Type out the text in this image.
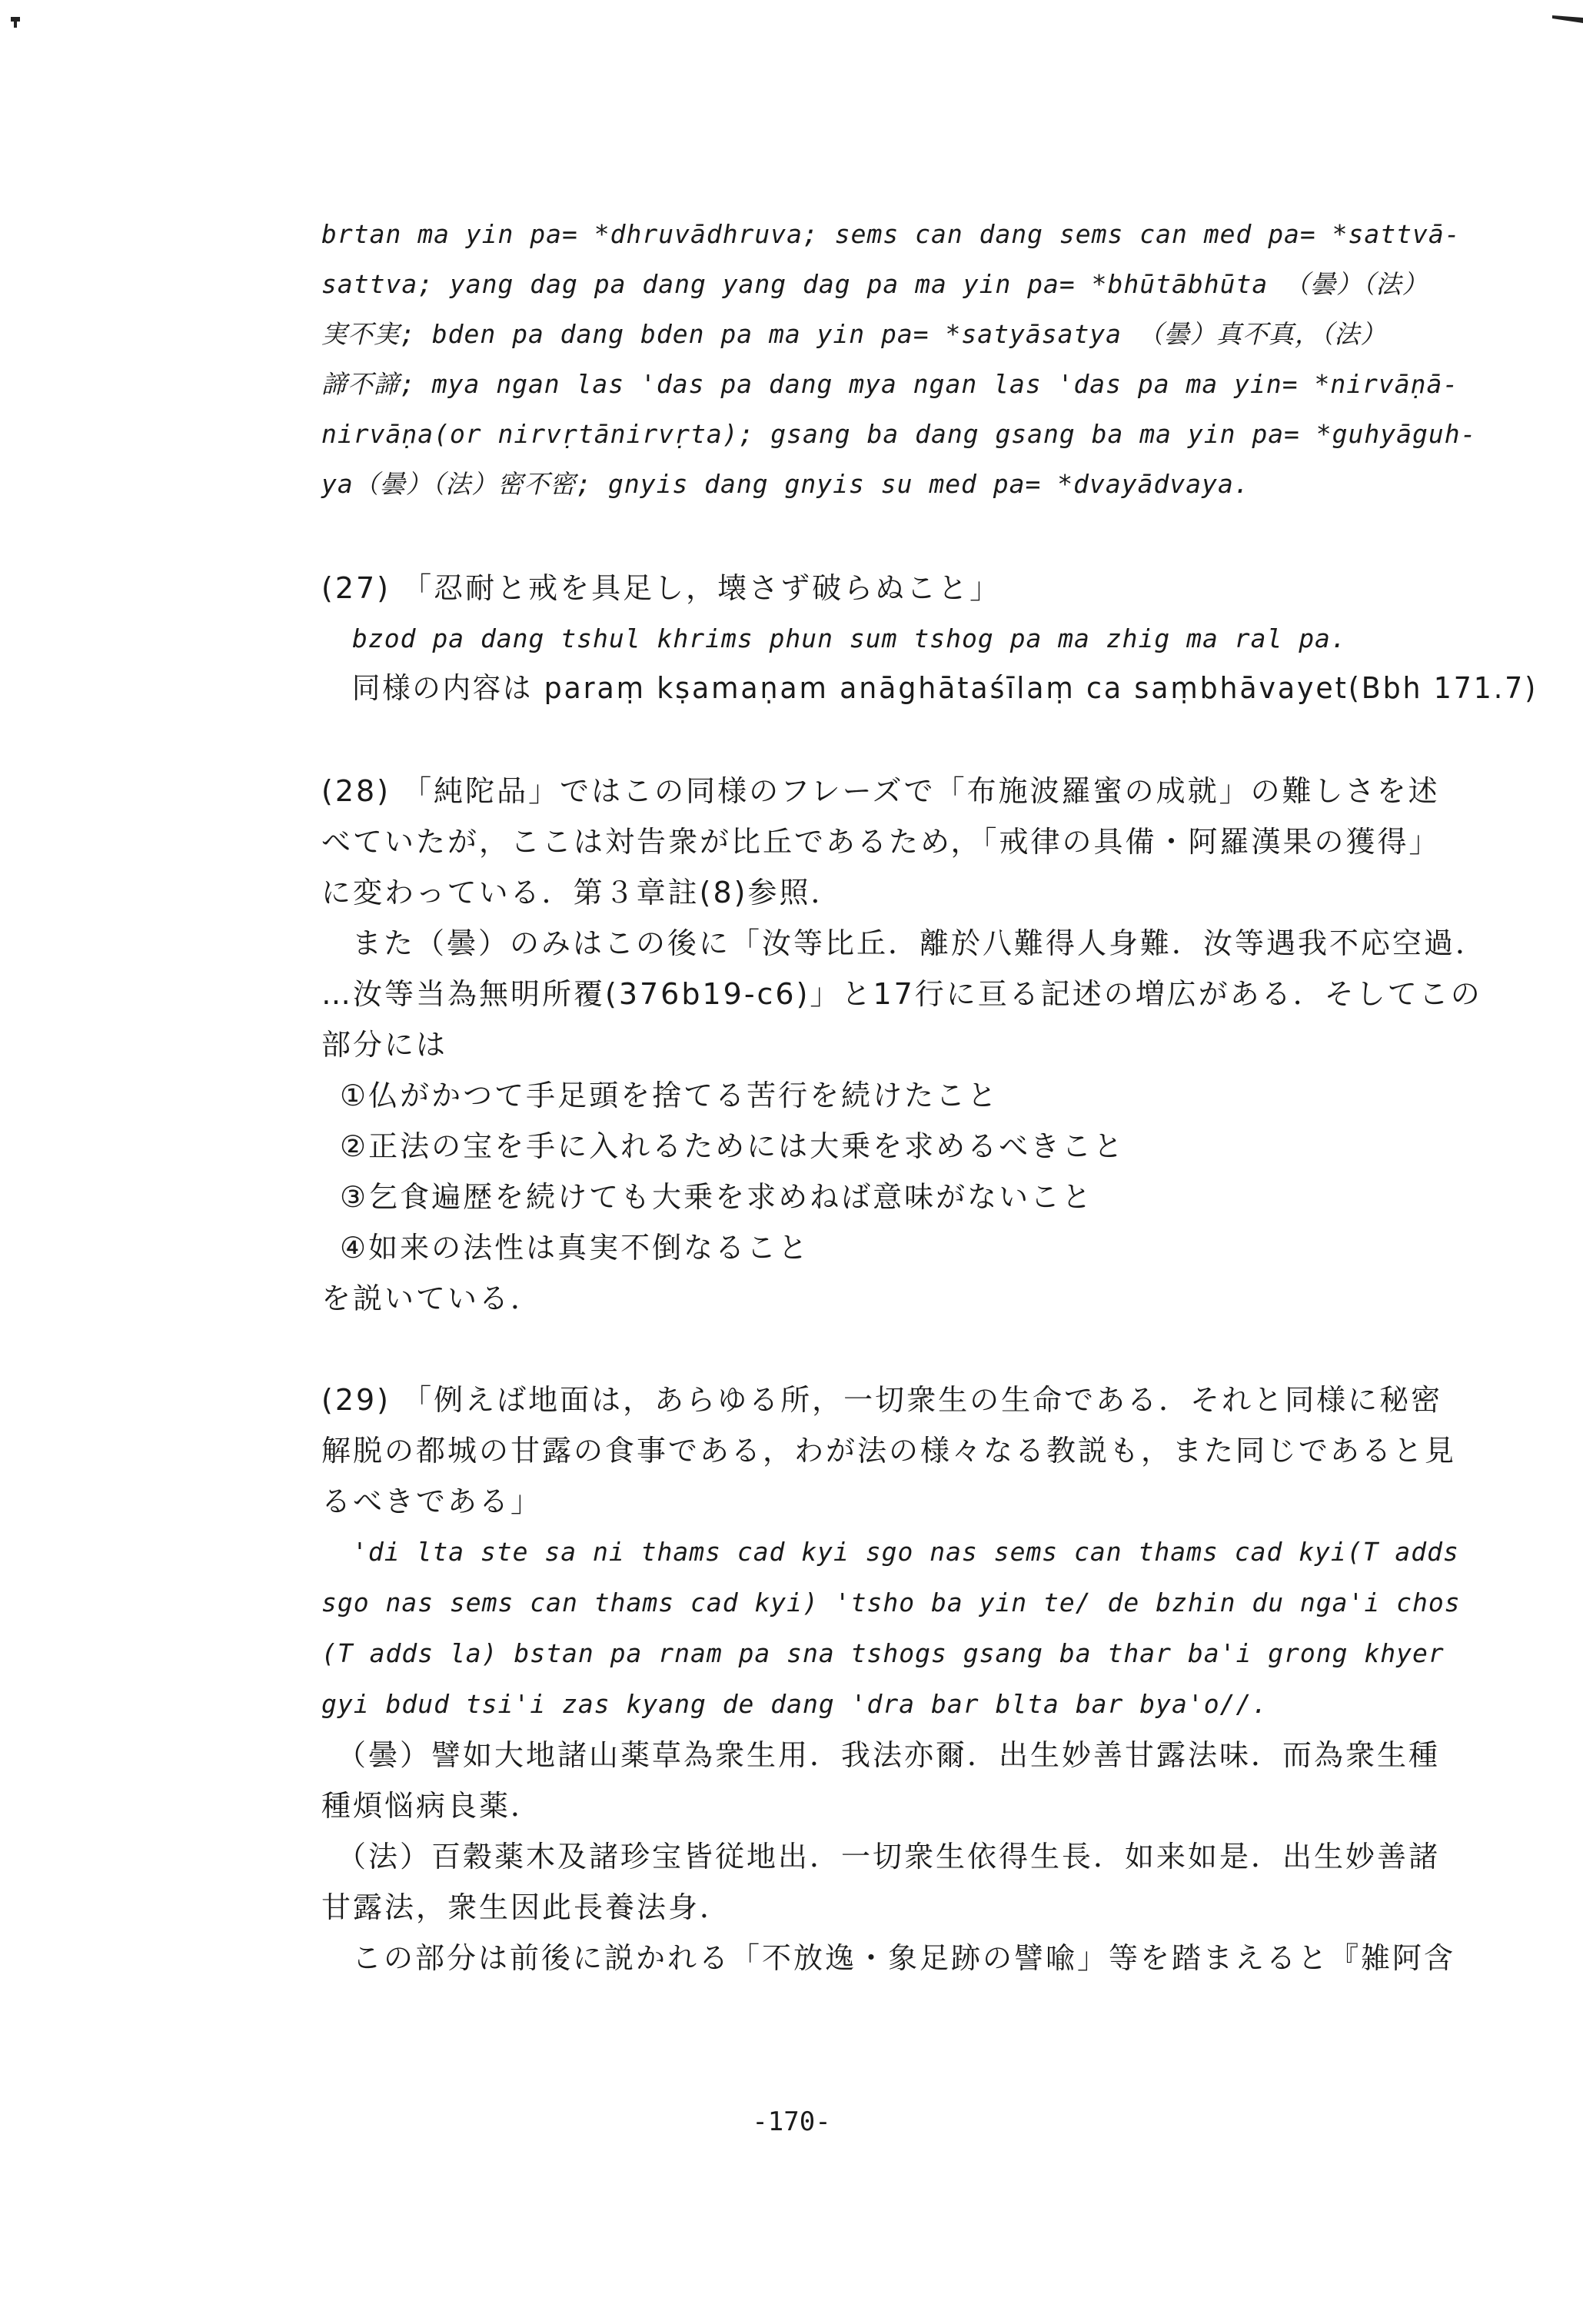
brtan ma yin pa= *dhruvādhruva; sems can dang sems can med pa= *sattvā-
sattva; yang dag pa dang yang dag pa ma yin pa= *bhūtābhūta （曇）（法）
実不実; bden pa dang bden pa ma yin pa= *satyāsatya （曇）真不真，（法）
諦不諦; mya ngan las 'das pa dang mya ngan las 'das pa ma yin= *nirvāṇā-
nirvāṇa(or nirvṛtānirvṛta); gsang ba dang gsang ba ma yin pa= *guhyāguh-
ya（曇）（法）密不密; gnyis dang gnyis su med pa= *dvayādvaya.
(27) 「忍耐と戒を具足し，壊さず破らぬこと」
bzod pa dang tshul khrims phun sum tshog pa ma zhig ma ral pa.
同様の内容は paraṃ kṣamaṇam anāghātaśīlaṃ ca saṃbhāvayet(Bbh 171.7)
(28) 「純陀品」ではこの同様のフレーズで「布施波羅蜜の成就」の難しさを述
べていたが，ここは対告衆が比丘であるため，「戒律の具備・阿羅漢果の獲得」
に変わっている．第３章註(8)参照．
また（曇）のみはこの後に「汝等比丘．離於八難得人身難．汝等遇我不応空過．
…汝等当為無明所覆(376b19-c6)」と17行に亘る記述の増広がある．そしてこの
部分には
①仏がかつて手足頭を捨てる苦行を続けたこと
②正法の宝を手に入れるためには大乗を求めるべきこと
③乞食遍歴を続けても大乗を求めねば意味がないこと
④如来の法性は真実不倒なること
を説いている．
(29) 「例えば地面は，あらゆる所，一切衆生の生命である．それと同様に秘密
解脱の都城の甘露の食事である，わが法の様々なる教説も，また同じであると見
るべきである」
'di lta ste sa ni thams cad kyi sgo nas sems can thams cad kyi(T adds
sgo nas sems can thams cad kyi) 'tsho ba yin te/ de bzhin du nga'i chos
(T adds la) bstan pa rnam pa sna tshogs gsang ba thar ba'i grong khyer
gyi bdud tsi'i zas kyang de dang 'dra bar blta bar bya'o//.
（曇）譬如大地諸山薬草為衆生用．我法亦爾．出生妙善甘露法味．而為衆生種
種煩悩病良薬．
（法）百穀薬木及諸珍宝皆従地出．一切衆生依得生長．如来如是．出生妙善諸
甘露法，衆生因此長養法身．
この部分は前後に説かれる「不放逸・象足跡の譬喩」等を踏まえると『雑阿含
-170-
